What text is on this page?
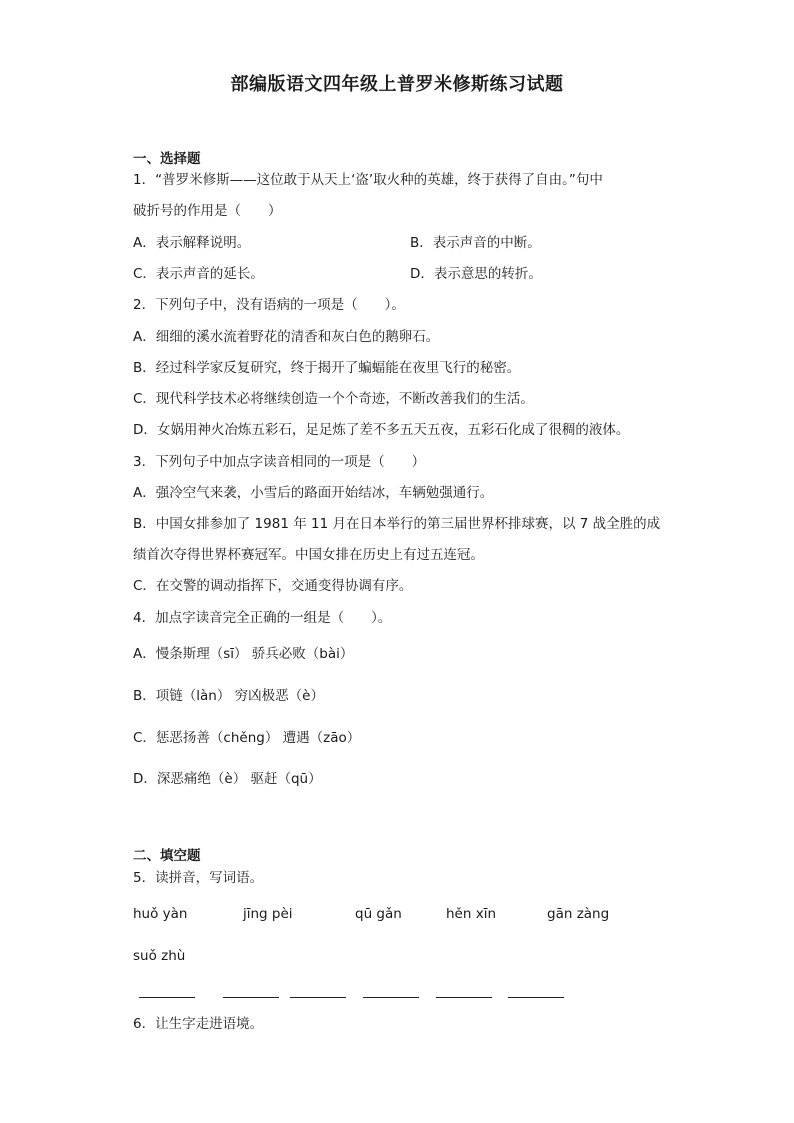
部编版语文四年级上普罗米修斯练习试题
一、选择题
1．“普罗米修斯——这位敢于从天上‘盗’取火种的英雄，终于获得了自由。”句中
破折号的作用是（　　）
A．表示解释说明。	B．表示声音的中断。
C．表示声音的延长。	D．表示意思的转折。
2．下列句子中，没有语病的一项是（　　）。
A．细细的溪水流着野花的清香和灰白色的鹅卵石。
B．经过科学家反复研究，终于揭开了蝙蝠能在夜里飞行的秘密。
C．现代科学技术必将继续创造一个个奇迹，不断改善我们的生活。
D．女娲用神火冶炼五彩石，足足炼了差不多五天五夜，五彩石化成了很稠的液体。
3．下列句子中加点字读音相同的一项是（　　）
A．强冷空气来袭，小雪后的路面开始结冰，车辆勉强通行。
B．中国女排参加了 1981 年 11 月在日本举行的第三届世界杯排球赛，以 7 战全胜的成
绩首次夺得世界杯赛冠军。中国女排在历史上有过五连冠。
C．在交警的调动指挥下，交通变得协调有序。
4．加点字读音完全正确的一组是（　　）。
A．慢条斯理（sī） 骄兵必败（bài）
B．项链（làn） 穷凶极恶（è）
C．惩恶扬善（chěng） 遭遇（zāo）
D．深恶痛绝（è） 驱赶（qū）
二、填空题
5．读拼音，写词语。
huǒ yàn	jīng pèi	qū gǎn	hěn xīn	gān zàng
suǒ zhù
6．让生字走进语境。
